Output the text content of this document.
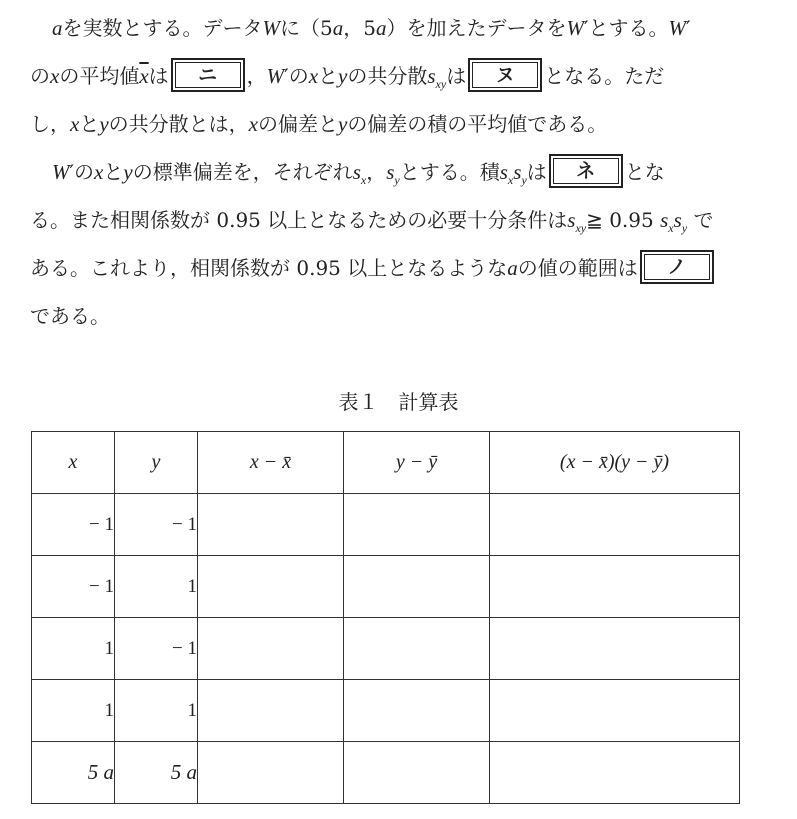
aを実数とする。データWに（5a，5a）を加えたデータをW′とする。W′
のxの平均値$\overline{x}$は	ニ	，W′のxとyの共分散$s_{xy}$は	ヌ	となる。ただ
し，xとyの共分散とは，xの偏差とyの偏差の積の平均値である。
W′のxとyの標準偏差を，それぞれ$s_x$，$s_y$とする。積$s_xs_y$は	ネ	とな
る。また相関係数が 0.95 以上となるための必要十分条件は$s_{xy}≧$ 0.95 $s_xs_y$ で
ある。これより，相関係数が 0.95 以上となるようなaの値の範囲は	ノ
である。
表１　計算表
x	y	x − x̄	y − ȳ	(x − x̄)(y − ȳ)
− 1	− 1			
− 1	1			
1	− 1			
1	1			
5 a	5 a			
